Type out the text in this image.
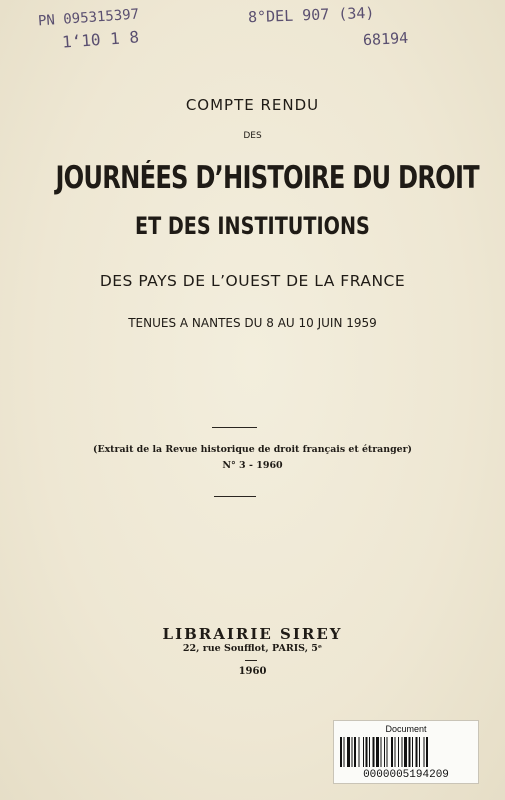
PN 095315397
1‘10 1 8
8°DEL 907 (34)
68194
COMPTE RENDU
DES
JOURNÉES D’HISTOIRE DU DROIT
ET DES INSTITUTIONS
DES PAYS DE L’OUEST DE LA FRANCE
TENUES A NANTES DU 8 AU 10 JUIN 1959
(Extrait de la Revue historique de droit français et étranger)
N° 3 - 1960
LIBRAIRIE SIREY
22, rue Soufflot, PARIS, 5ᵉ
1960
Document
0000005194209
